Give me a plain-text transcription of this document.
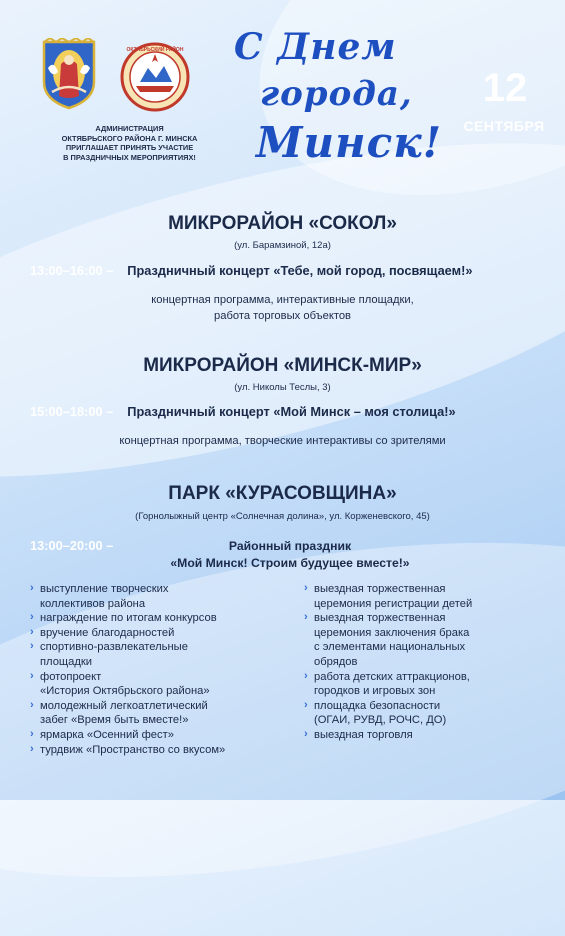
ОКТЯБРЬСКИЙ РАЙОН
МІНСК
АДМИНИСТРАЦИЯ
ОКТЯБРЬСКОГО РАЙОНА Г. МИНСКА
ПРИГЛАШАЕТ ПРИНЯТЬ УЧАСТИЕ
В ПРАЗДНИЧНЫХ МЕРОПРИЯТИЯХ!
С Днем
города,
Минск!
12
СЕНТЯБРЯ
МИКРОРАЙОН «СОКОЛ»
(ул. Барамзиной, 12а)
13:00–16:00 – Праздничный концерт «Тебе, мой город, посвящаем!»
концертная программа, интерактивные площадки,
работа торговых объектов
МИКРОРАЙОН «МИНСК-МИР»
(ул. Николы Теслы, 3)
15:00–18:00 – Праздничный концерт «Мой Минск – моя столица!»
концертная программа, творческие интерактивы со зрителями
ПАРК «КУРАСОВЩИНА»
(Горнолыжный центр «Солнечная долина», ул. Корженевского, 45)
13:00–20:00 –	Районный праздник
«Мой Минск! Строим будущее вместе!»
› выступление творческих
коллективов района
› награждение по итогам конкурсов
› вручение благодарностей
› спортивно-развлекательные
площадки
› фотопроект
«История Октябрьского района»
› молодежный легкоатлетический
забег «Время быть вместе!»
› ярмарка «Осенний фест»
› турдвиж «Пространство со вкусом»
› выездная торжественная
церемония регистрации детей
› выездная торжественная
церемония заключения брака
с элементами национальных
обрядов
› работа детских аттракционов,
городков и игровых зон
› площадка безопасности
(ОГАИ, РУВД, РОЧС, ДО)
› выездная торговля
